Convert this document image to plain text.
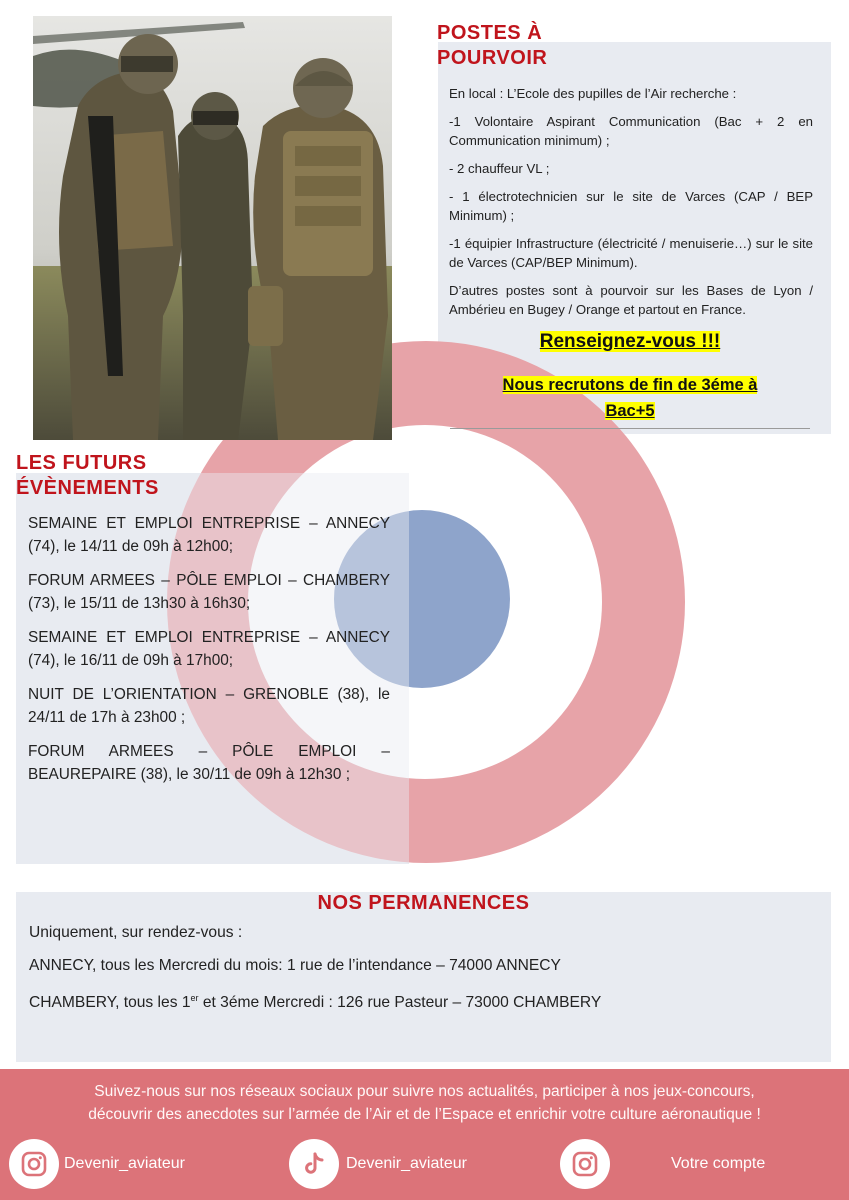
POSTES À
POURVOIR

En local : L’Ecole des pupilles de l’Air recherche :

-1 Volontaire Aspirant Communication (Bac + 2 en Communication minimum) ;

- 2 chauffeur VL ;

- 1 électrotechnicien sur le site de Varces (CAP / BEP Minimum) ;

-1 équipier Infrastructure (électricité / menuiserie…) sur le site de Varces (CAP/BEP Minimum).

D’autres postes sont à pourvoir sur les Bases de Lyon / Ambérieu en Bugey / Orange et partout en France.

Renseignez-vous !!!
Nous recrutons de fin de 3éme à
Bac+5
LES FUTURS
ÉVÈNEMENTS

SEMAINE ET EMPLOI ENTREPRISE – ANNECY (74), le 14/11 de 09h à 12h00;

FORUM ARMEES – PÔLE EMPLOI – CHAMBERY (73), le 15/11 de 13h30 à 16h30;

SEMAINE ET EMPLOI ENTREPRISE – ANNECY (74), le 16/11 de 09h à 17h00;

NUIT DE L’ORIENTATION – GRENOBLE (38), le 24/11 de 17h à 23h00 ;

FORUM ARMEES – PÔLE EMPLOI – BEAUREPAIRE (38), le 30/11 de 09h à 12h30 ;

NOS PERMANENCES

Uniquement, sur rendez-vous :

ANNECY, tous les Mercredi du mois: 1 rue de l’intendance – 74000 ANNECY

CHAMBERY, tous les 1er et 3éme Mercredi : 126 rue Pasteur – 73000 CHAMBERY

Suivez-nous sur nos réseaux sociaux pour suivre nos actualités, participer à nos jeux-concours,
découvrir des anecdotes sur l’armée de l’Air et de l’Espace et enrichir votre culture aéronautique !
Devenir_aviateur	Devenir_aviateur	Votre compte
